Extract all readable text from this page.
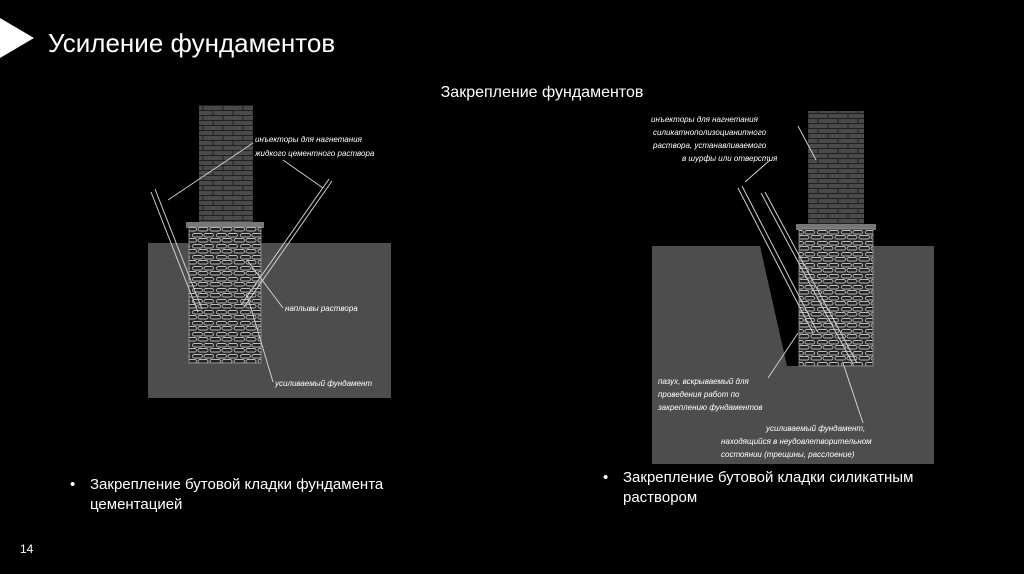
Усиление фундаментов
Закрепление фундаментов
инъекторы для нагнетания
жидкого цементного раствора
наплывы раствора
усиливаемый фундамент
инъекторы для нагнетания
силикатнополизоцианитного
раствора, устанавливаемого
в шурфы или отверстия
пазух, вскрываемый для
проведения работ по
закреплению фундаментов
усиливаемый фундамент,
находящийся в неудовлетворительном
состоянии (трещины, расслоение)
• Закрепление бутовой кладки фундамента цементацией
• Закрепление бутовой кладки силикатным раствором
14
